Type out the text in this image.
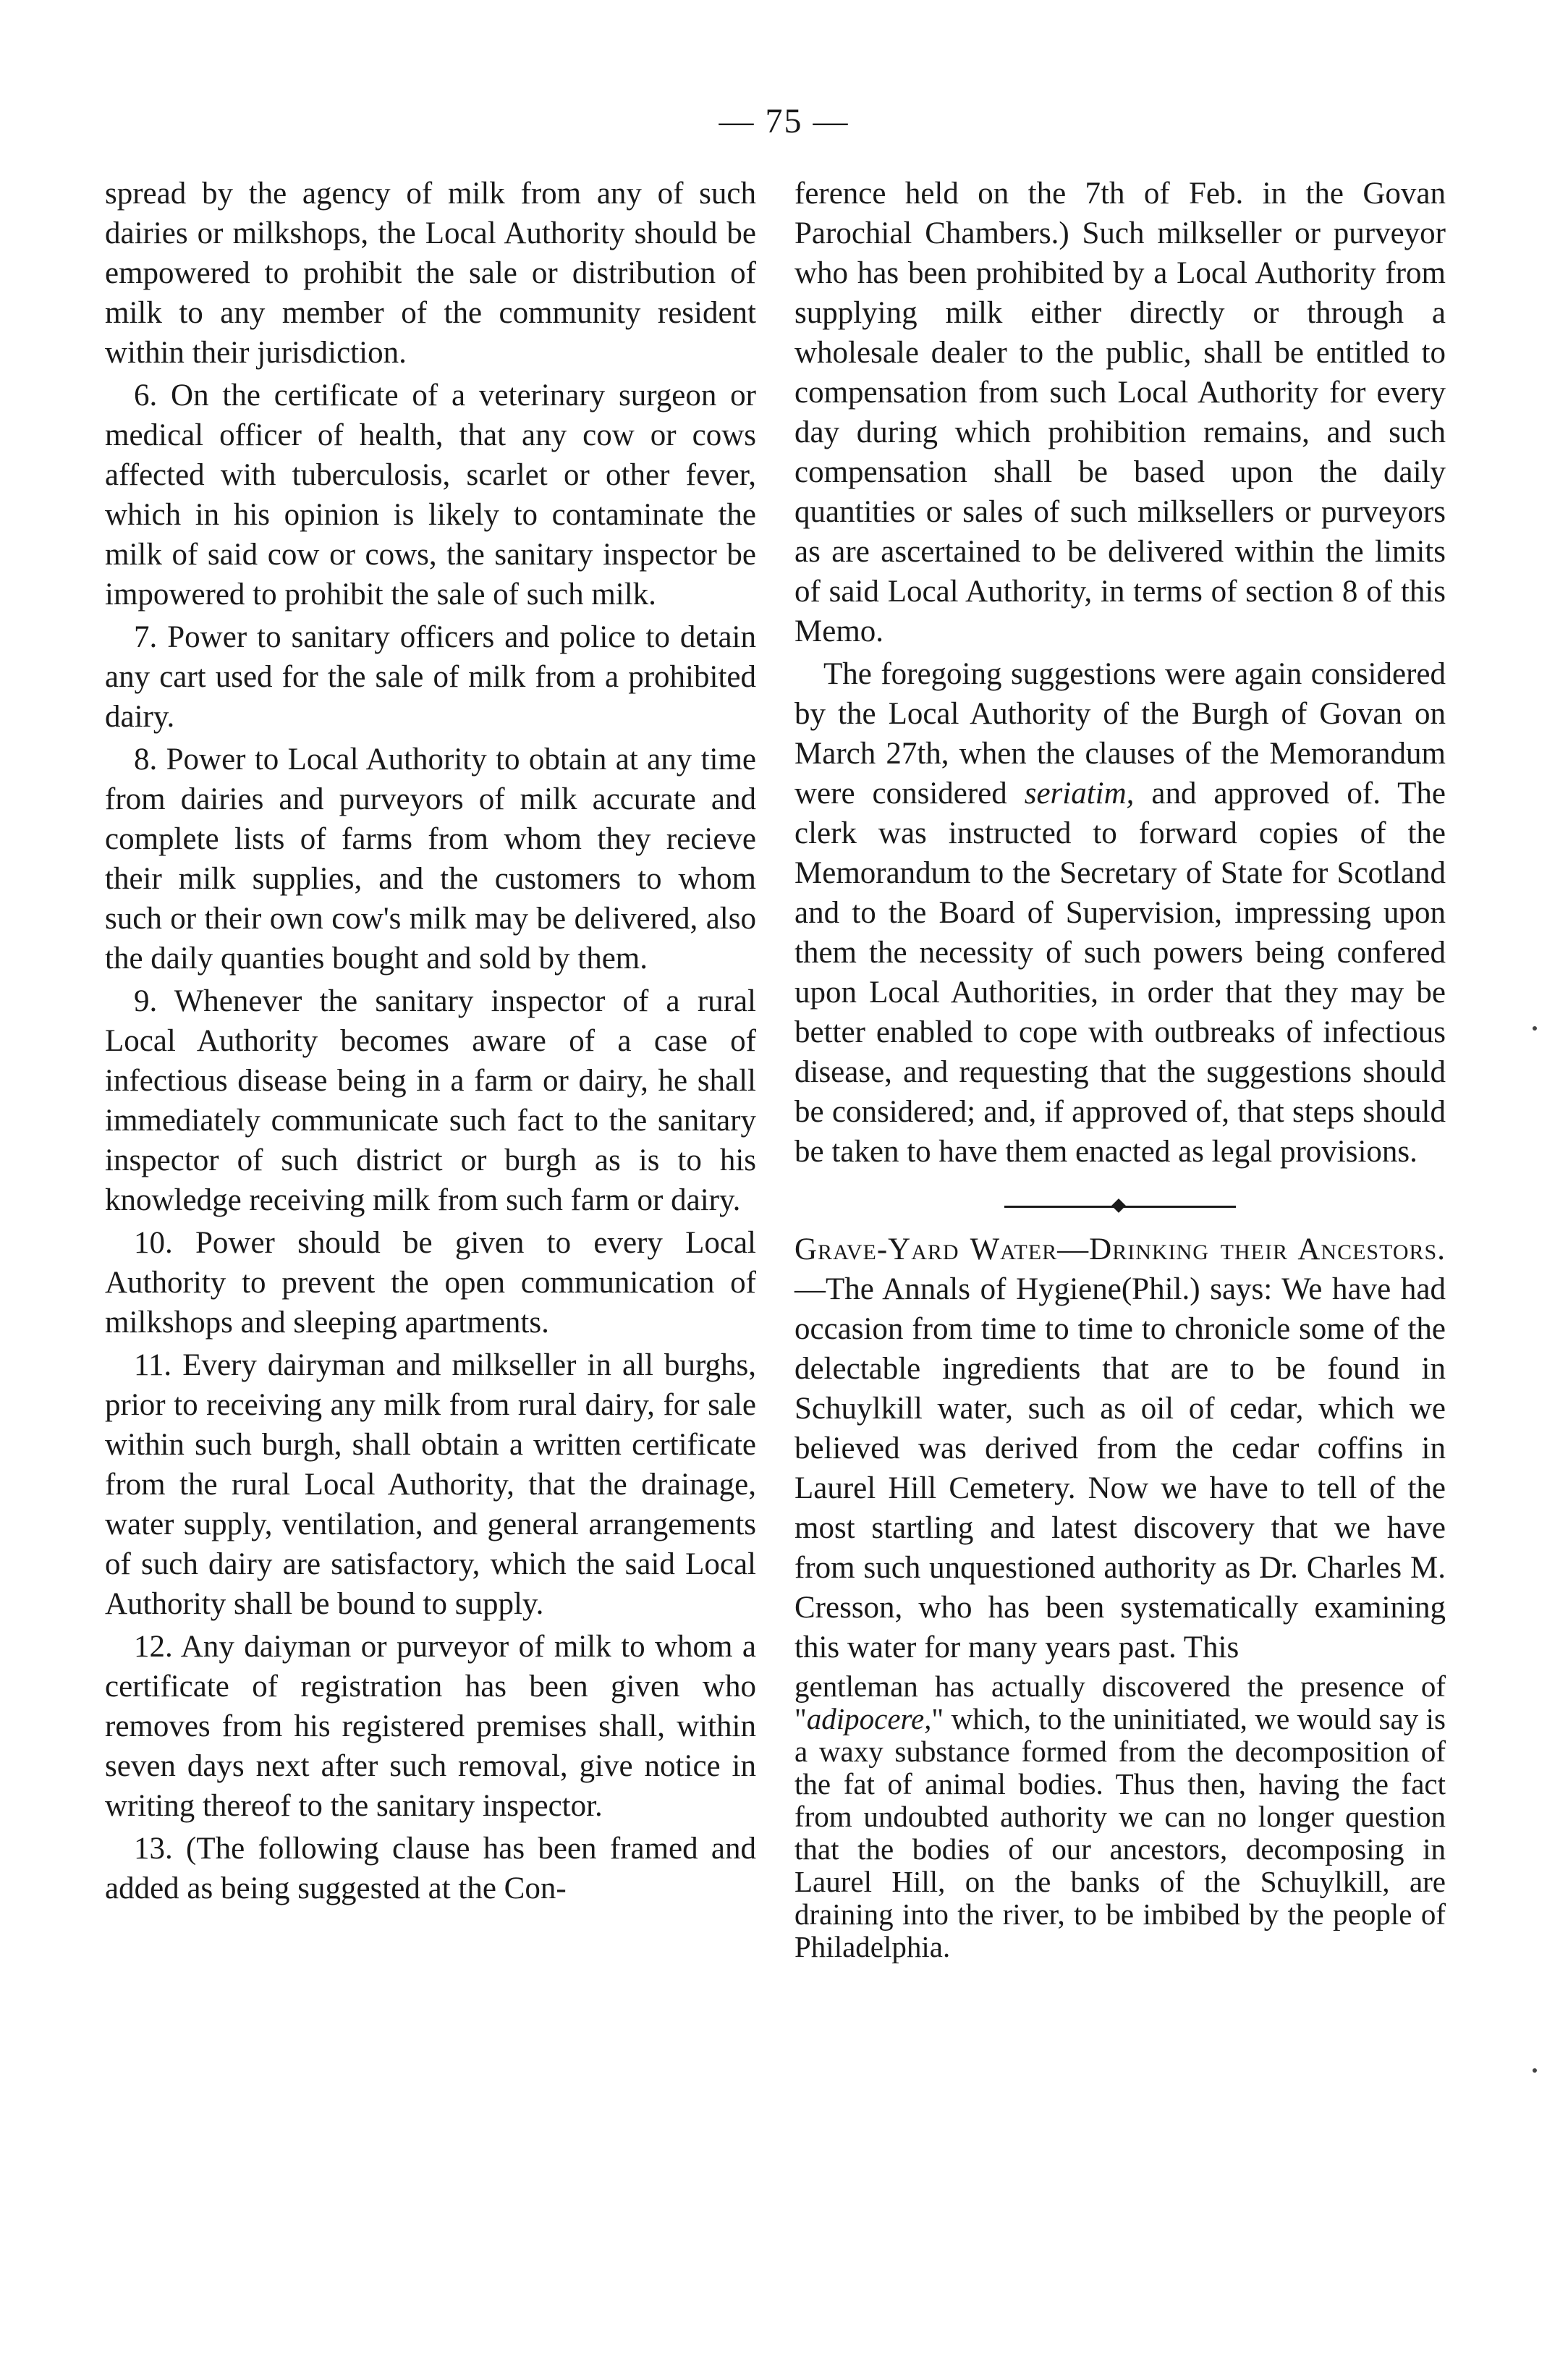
— 75 —

spread by the agency of milk from any of such dairies or milkshops, the Local Authority should be empowered to prohibit the sale or distribution of milk to any member of the community resident within their jurisdiction.

6. On the certificate of a veterinary surgeon or medical officer of health, that any cow or cows affected with tuberculosis, scarlet or other fever, which in his opinion is likely to contaminate the milk of said cow or cows, the sanitary inspector be impowered to prohibit the sale of such milk.

7. Power to sanitary officers and police to detain any cart used for the sale of milk from a prohibited dairy.

8. Power to Local Authority to obtain at any time from dairies and purveyors of milk accurate and complete lists of farms from whom they recieve their milk supplies, and the customers to whom such or their own cow's milk may be delivered, also the daily quanties bought and sold by them.

9. Whenever the sanitary inspector of a rural Local Authority becomes aware of a case of infectious disease being in a farm or dairy, he shall immediately communicate such fact to the sanitary inspector of such district or burgh as is to his knowledge receiving milk from such farm or dairy.

10. Power should be given to every Local Authority to prevent the open communication of milkshops and sleeping apartments.

11. Every dairyman and milkseller in all burghs, prior to receiving any milk from rural dairy, for sale within such burgh, shall obtain a written certificate from the rural Local Authority, that the drainage, water supply, ventilation, and general arrangements of such dairy are satisfactory, which the said Local Authority shall be bound to supply.

12. Any daiyman or purveyor of milk to whom a certificate of registration has been given who removes from his registered premises shall, within seven days next after such removal, give notice in writing thereof to the sanitary inspector.

13. (The following clause has been framed and added as being suggested at the Con-

ference held on the 7th of Feb. in the Govan Parochial Chambers.) Such milkseller or purveyor who has been prohibited by a Local Authority from supplying milk either directly or through a wholesale dealer to the public, shall be entitled to compensation from such Local Authority for every day during which prohibition remains, and such compensation shall be based upon the daily quantities or sales of such milksellers or purveyors as are ascertained to be delivered within the limits of said Local Authority, in terms of section 8 of this Memo.

The foregoing suggestions were again considered by the Local Authority of the Burgh of Govan on March 27th, when the clauses of the Memorandum were considered seriatim, and approved of. The clerk was instructed to forward copies of the Memorandum to the Secretary of State for Scotland and to the Board of Supervision, impressing upon them the necessity of such powers being confered upon Local Authorities, in order that they may be better enabled to cope with outbreaks of infectious disease, and requesting that the suggestions should be considered; and, if approved of, that steps should be taken to have them enacted as legal provisions.

Grave-Yard Water—Drinking their Ancestors.—The Annals of Hygiene(Phil.) says: We have had occasion from time to time to chronicle some of the delectable ingredients that are to be found in Schuylkill water, such as oil of cedar, which we believed was derived from the cedar coffins in Laurel Hill Cemetery. Now we have to tell of the most startling and latest discovery that we have from such unquestioned authority as Dr. Charles M. Cresson, who has been systematically examining this water for many years past. This

gentleman has actually discovered the presence of "adipocere," which, to the uninitiated, we would say is a waxy substance formed from the decomposition of the fat of animal bodies. Thus then, having the fact from undoubted authority we can no longer question that the bodies of our ancestors, decomposing in Laurel Hill, on the banks of the Schuylkill, are draining into the river, to be imbibed by the people of Philadelphia.
